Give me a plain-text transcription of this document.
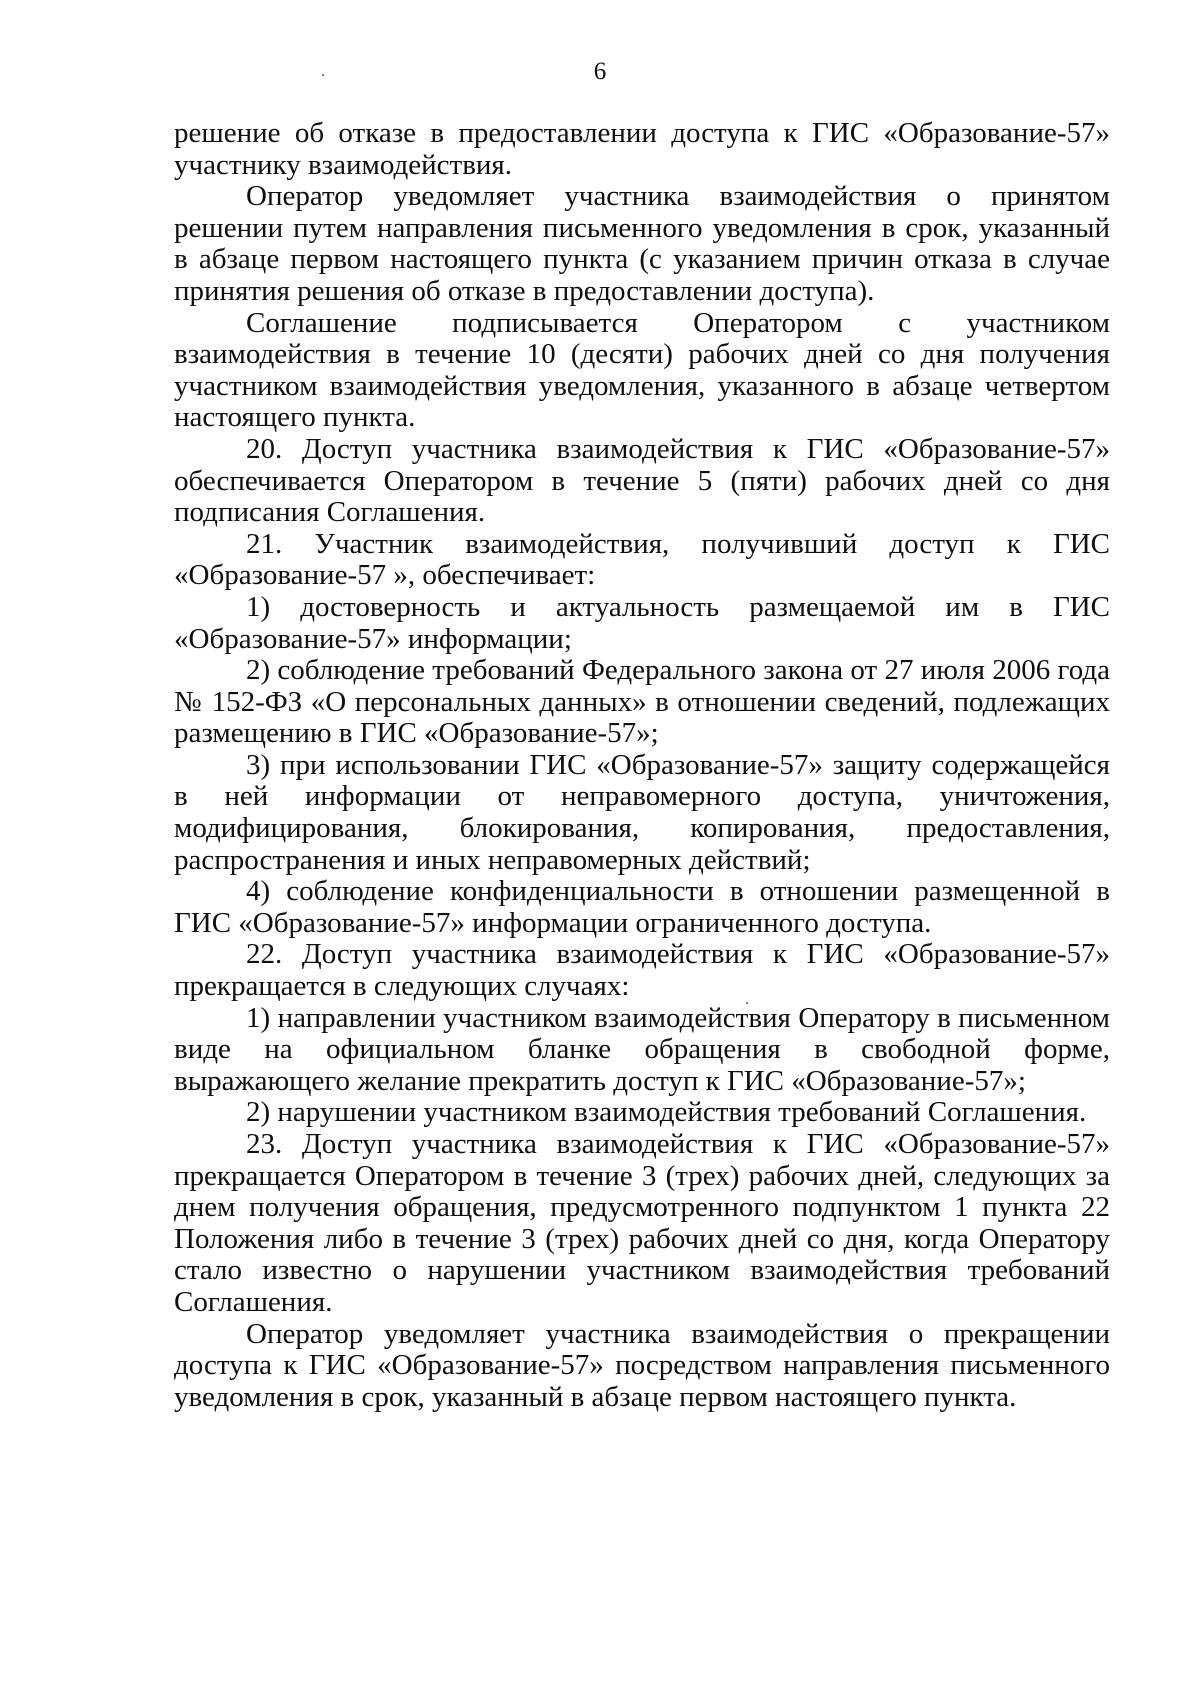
6

решение об отказе в предоставлении доступа к ГИС «Образование-57» участнику взаимодействия.

Оператор уведомляет участника взаимодействия о принятом решении путем направления письменного уведомления в срок, указанный в абзаце первом настоящего пункта (с указанием причин отказа в случае принятия решения об отказе в предоставлении доступа).

Соглашение подписывается Оператором с участником взаимодействия в течение 10 (десяти) рабочих дней со дня получения участником взаимодействия уведомления, указанного в абзаце четвертом настоящего пункта.

20. Доступ участника взаимодействия к ГИС «Образование-57» обеспечивается Оператором в течение 5 (пяти) рабочих дней со дня подписания Соглашения.

21. Участник взаимодействия, получивший доступ к ГИС «Образование-57 », обеспечивает:

1) достоверность и актуальность размещаемой им в ГИС «Образование-57» информации;

2) соблюдение требований Федерального закона от 27 июля 2006 года № 152-ФЗ «О персональных данных» в отношении сведений, подлежащих размещению в ГИС «Образование-57»;

3) при использовании ГИС «Образование-57» защиту содержащейся в ней информации от неправомерного доступа, уничтожения, модифицирования, блокирования, копирования, предоставления, распространения и иных неправомерных действий;

4) соблюдение конфиденциальности в отношении размещенной в ГИС «Образование-57» информации ограниченного доступа.

22. Доступ участника взаимодействия к ГИС «Образование-57» прекращается в следующих случаях:

1) направлении участником взаимодействия Оператору в письменном виде на официальном бланке обращения в свободной форме, выражающего желание прекратить доступ к ГИС «Образование-57»;

2) нарушении участником взаимодействия требований Соглашения.

23. Доступ участника взаимодействия к ГИС «Образование-57» прекращается Оператором в течение 3 (трех) рабочих дней, следующих за днем получения обращения, предусмотренного подпунктом 1 пункта 22 Положения либо в течение 3 (трех) рабочих дней со дня, когда Оператору стало известно о нарушении участником взаимодействия требований Соглашения.

Оператор уведомляет участника взаимодействия о прекращении доступа к ГИС «Образование-57» посредством направления письменного уведомления в срок, указанный в абзаце первом настоящего пункта.
